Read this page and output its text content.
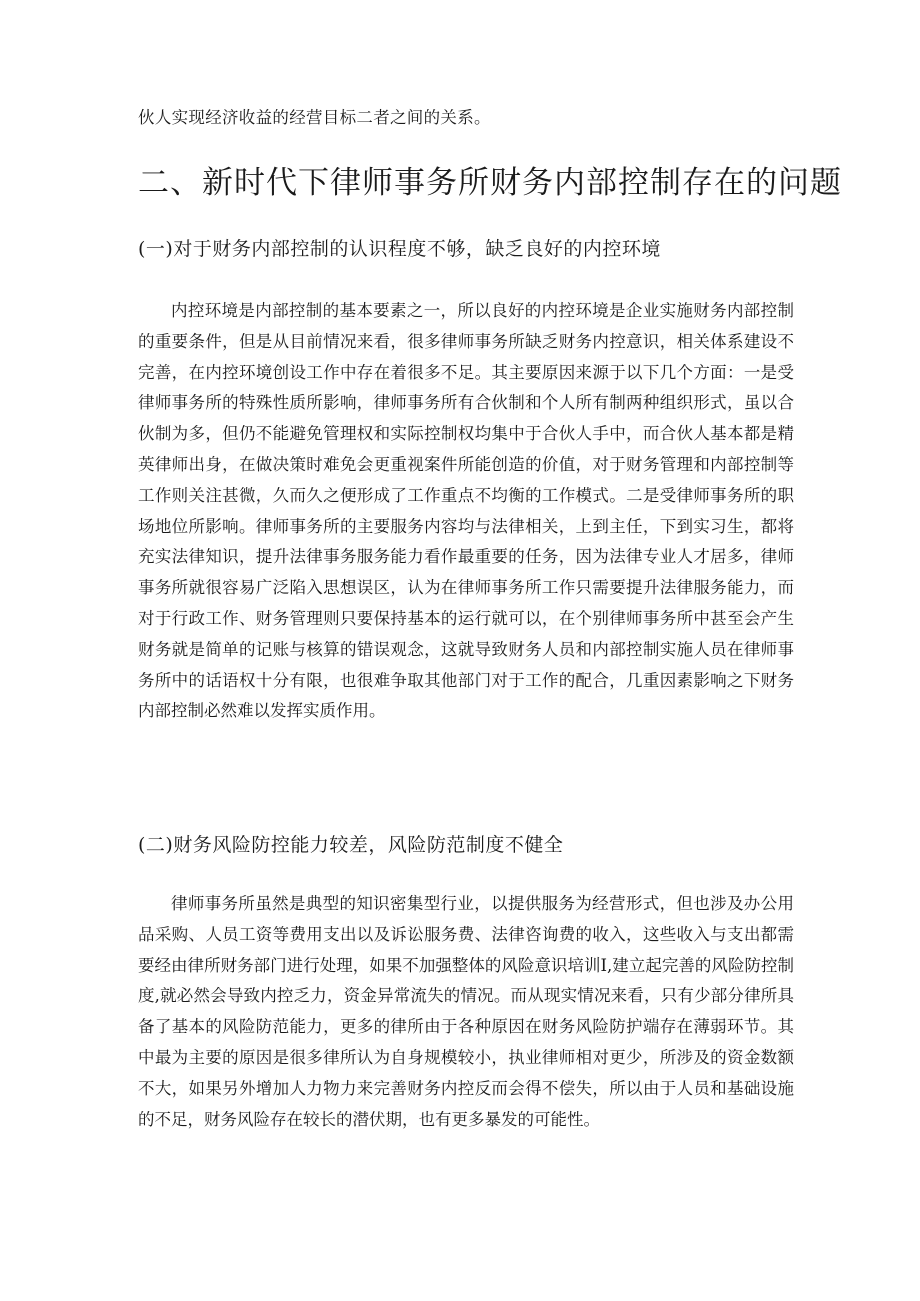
伙人实现经济收益的经营目标二者之间的关系。

二、新时代下律师事务所财务内部控制存在的问题
(一)对于财务内部控制的认识程度不够，缺乏良好的内控环境

内控环境是内部控制的基本要素之一，所以良好的内控环境是企业实施财务内部控制的重要条件，但是从目前情况来看，很多律师事务所缺乏财务内控意识，相关体系建设不完善，在内控环境创设工作中存在着很多不足。其主要原因来源于以下几个方面：一是受律师事务所的特殊性质所影响，律师事务所有合伙制和个人所有制两种组织形式，虽以合伙制为多，但仍不能避免管理权和实际控制权均集中于合伙人手中，而合伙人基本都是精英律师出身，在做决策时难免会更重视案件所能创造的价值，对于财务管理和内部控制等工作则关注甚微，久而久之便形成了工作重点不均衡的工作模式。二是受律师事务所的职场地位所影响。律师事务所的主要服务内容均与法律相关，上到主任，下到实习生，都将充实法律知识，提升法律事务服务能力看作最重要的任务，因为法律专业人才居多，律师事务所就很容易广泛陷入思想误区，认为在律师事务所工作只需要提升法律服务能力，而对于行政工作、财务管理则只要保持基本的运行就可以，在个别律师事务所中甚至会产生财务就是简单的记账与核算的错误观念，这就导致财务人员和内部控制实施人员在律师事务所中的话语权十分有限，也很难争取其他部门对于工作的配合，几重因素影响之下财务内部控制必然难以发挥实质作用。

(二)财务风险防控能力较差，风险防范制度不健全

律师事务所虽然是典型的知识密集型行业，以提供服务为经营形式，但也涉及办公用品采购、人员工资等费用支出以及诉讼服务费、法律咨询费的收入，这些收入与支出都需要经由律所财务部门进行处理，如果不加强整体的风险意识培训I,建立起完善的风险防控制度,就必然会导致内控乏力，资金异常流失的情况。而从现实情况来看，只有少部分律所具备了基本的风险防范能力，更多的律所由于各种原因在财务风险防护端存在薄弱环节。其中最为主要的原因是很多律所认为自身规模较小，执业律师相对更少，所涉及的资金数额不大，如果另外增加人力物力来完善财务内控反而会得不偿失，所以由于人员和基础设施的不足，财务风险存在较长的潜伏期，也有更多暴发的可能性。
